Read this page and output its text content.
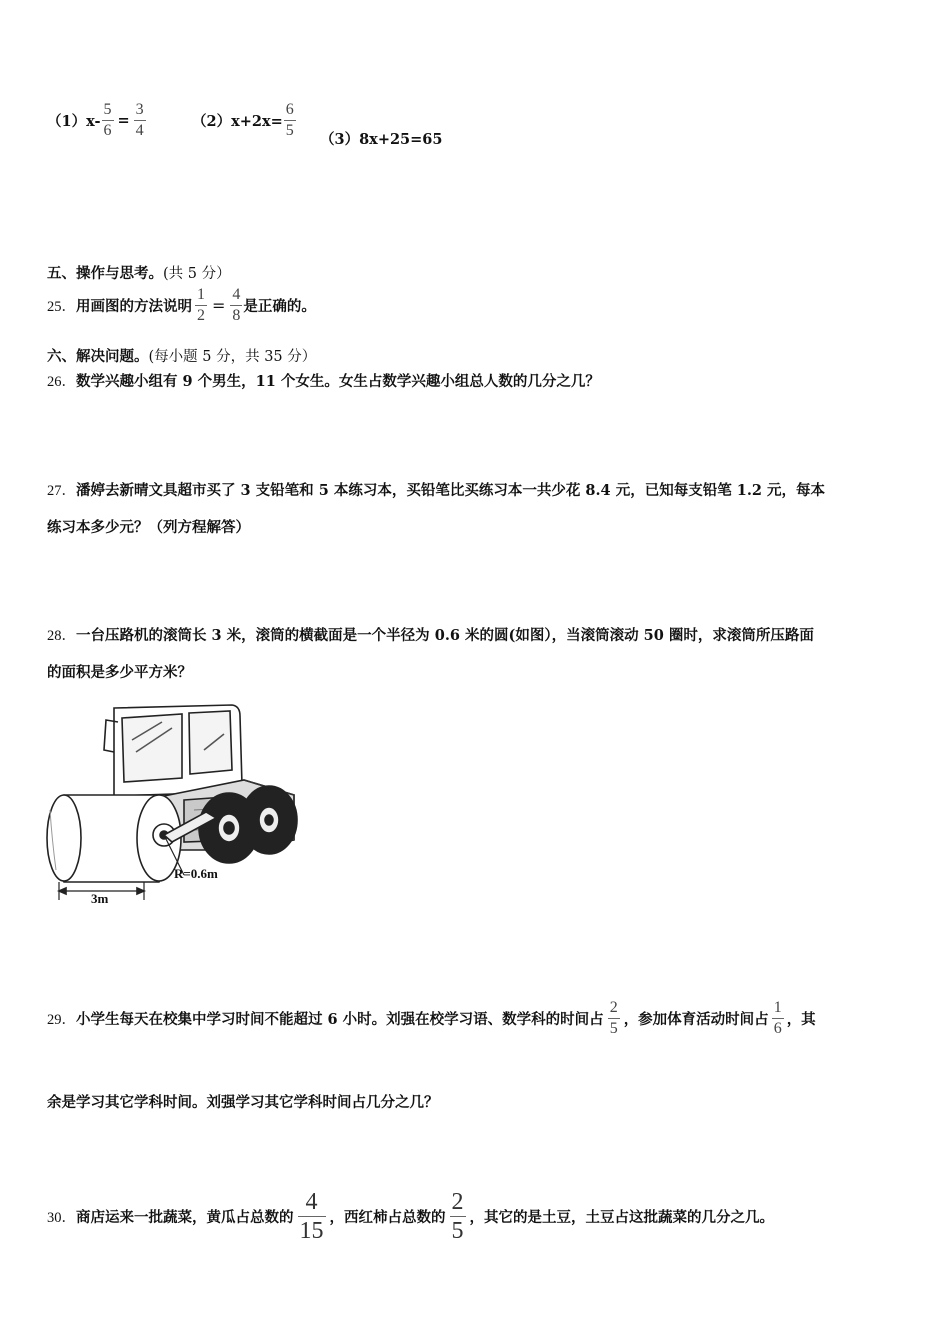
$(1)x- \frac{5}{6} = \frac{3}{4}$	$(2)x+2x= \frac{6}{5}$
（3）8x+25=65
五、操作与思考。(共 5 分）
25． 用画图的方法说明 $\frac{1}{2} = \frac{4}{8}$ 是正确的。
六、解决问题。(每小题 5 分，共 35 分）
26．数学兴趣小组有 9 个男生，11 个女生。女生占数学兴趣小组总人数的几分之几？
27．潘婷去新晴文具超市买了 3 支铅笔和 5 本练习本，买铅笔比买练习本一共少花 8.4 元，已知每支铅笔 1.2 元，每本
练习本多少元？（列方程解答）
28．一台压路机的滚筒长 3 米，滚筒的横截面是一个半径为 0.6 米的圆(如图），当滚筒滚动 50 圈时，求滚筒所压路面
的面积是多少平方米？
R=0.6m
3m
29． 小学生每天在校集中学习时间不能超过 6 小时。刘强在校学习语、数学科的时间占 $\frac{2}{5}$ ，参加体育活动时间占 $\frac{1}{6}$ ，其
余是学习其它学科时间。刘强学习其它学科时间占几分之几？
30． 商店运来一批蔬菜，黄瓜占总数的 $\frac{4}{15}$ ，西红柿占总数的 $\frac{2}{5}$ ，其它的是土豆，土豆占这批蔬菜的几分之几。
